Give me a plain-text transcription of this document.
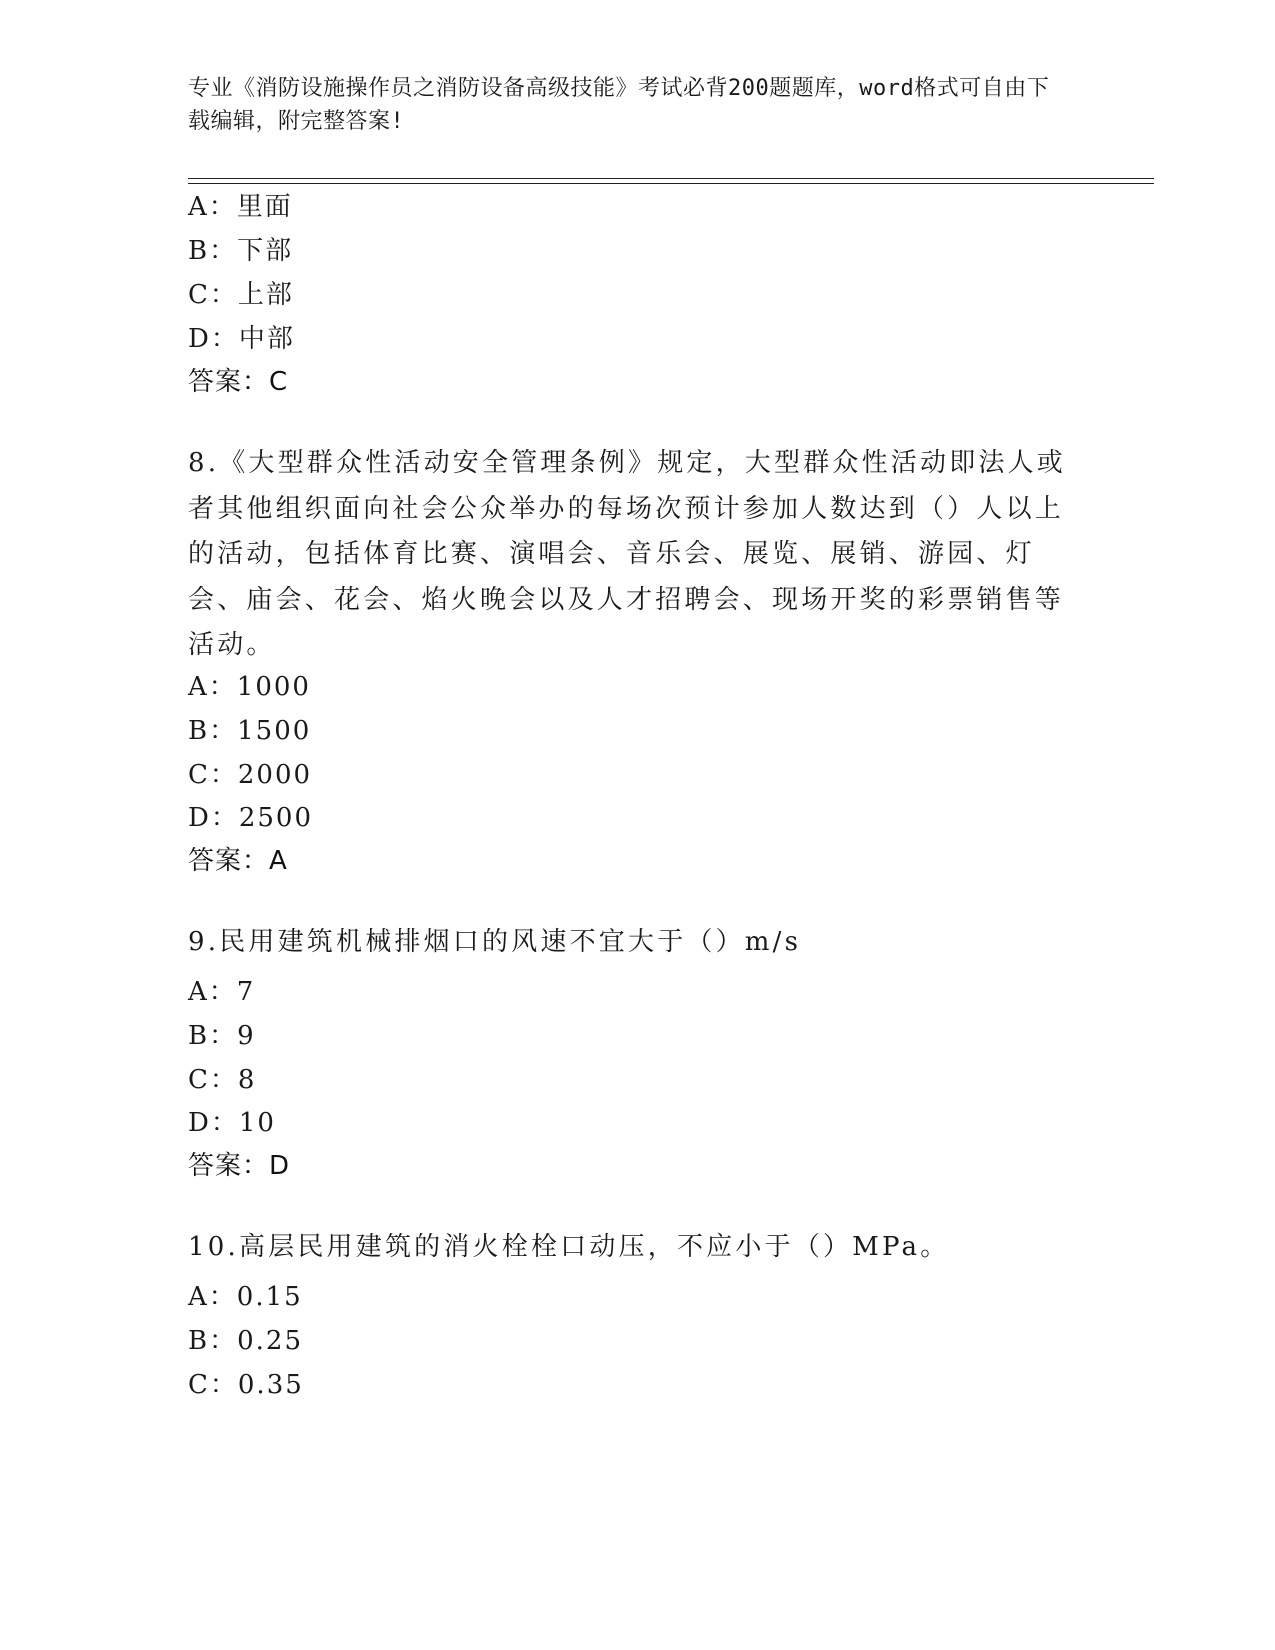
专业《消防设施操作员之消防设备高级技能》考试必背200题题库，word格式可自由下载编辑，附完整答案!
A：里面
B：下部
C：上部
D：中部
答案：C
8.《大型群众性活动安全管理条例》规定，大型群众性活动即法人或者其他组织面向社会公众举办的每场次预计参加人数达到（）人以上的活动，包括体育比赛、演唱会、音乐会、展览、展销、游园、灯会、庙会、花会、焰火晚会以及人才招聘会、现场开奖的彩票销售等活动。
A：1000
B：1500
C：2000
D：2500
答案：A
9.民用建筑机械排烟口的风速不宜大于（）m/s
A：7
B：9
C：8
D：10
答案：D
10.高层民用建筑的消火栓栓口动压，不应小于（）MPa。
A：0.15
B：0.25
C：0.35
